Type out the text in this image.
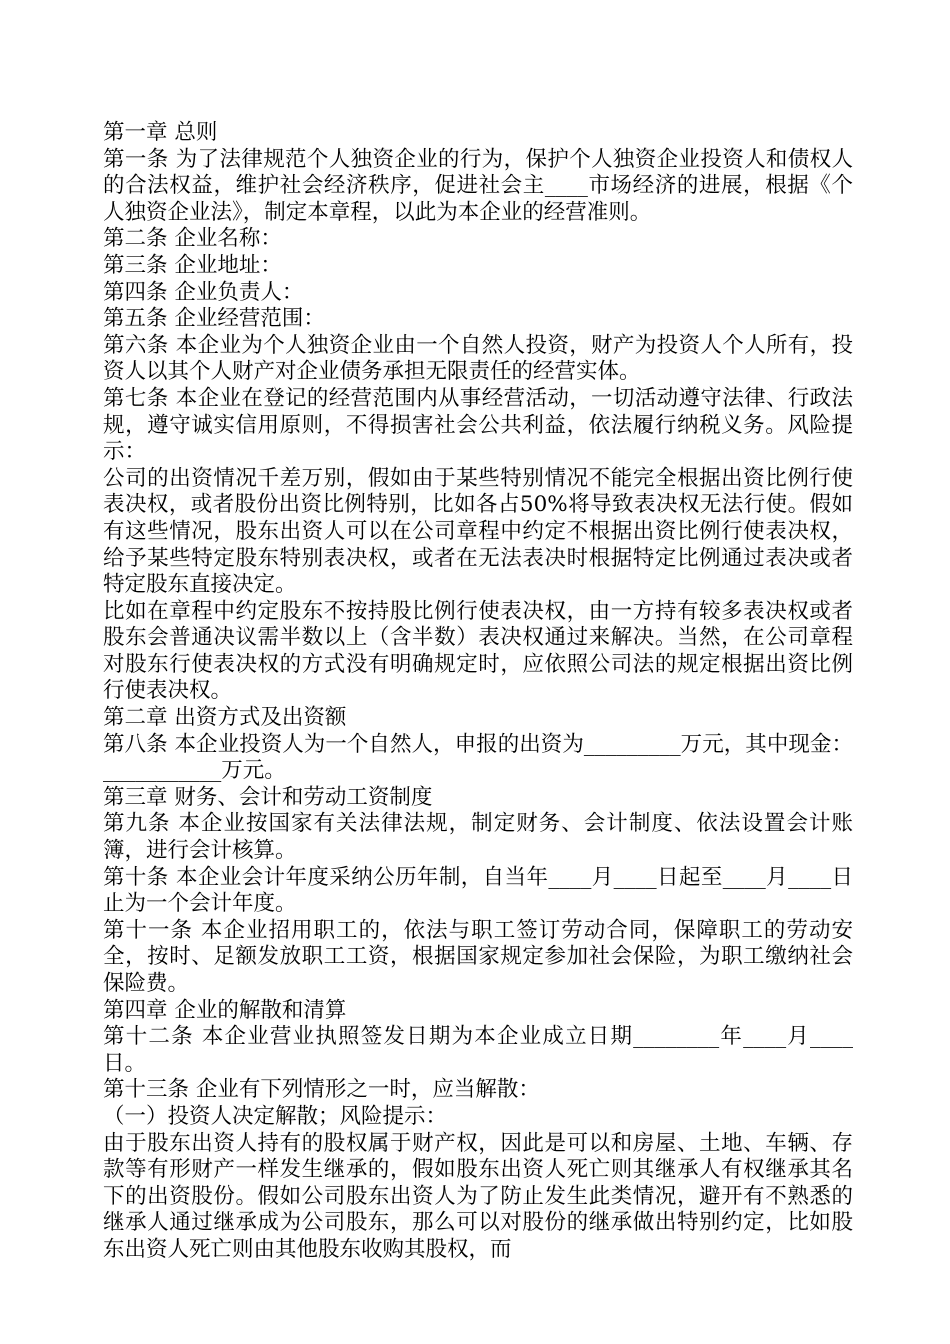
第一章 总则

第一条 为了法律规范个人独资企业的行为，保护个人独资企业投资人和债权人的合法权益，维护社会经济秩序，促进社会主____市场经济的进展，根据《个人独资企业法》，制定本章程，以此为本企业的经营准则。

第二条 企业名称：

第三条 企业地址：

第四条 企业负责人：

第五条 企业经营范围：

第六条 本企业为个人独资企业由一个自然人投资，财产为投资人个人所有，投资人以其个人财产对企业债务承担无限责任的经营实体。

第七条 本企业在登记的经营范围内从事经营活动，一切活动遵守法律、行政法规，遵守诚实信用原则，不得损害社会公共利益，依法履行纳税义务。风险提示：

公司的出资情况千差万别，假如由于某些特别情况不能完全根据出资比例行使表决权，或者股份出资比例特别，比如各占50%将导致表决权无法行使。假如有这些情况，股东出资人可以在公司章程中约定不根据出资比例行使表决权，给予某些特定股东特别表决权，或者在无法表决时根据特定比例通过表决或者特定股东直接决定。

比如在章程中约定股东不按持股比例行使表决权，由一方持有较多表决权或者股东会普通决议需半数以上（含半数）表决权通过来解决。当然，在公司章程对股东行使表决权的方式没有明确规定时，应依照公司法的规定根据出资比例行使表决权。

第二章 出资方式及出资额

第八条 本企业投资人为一个自然人，申报的出资为_________万元，其中现金：___________万元。

第三章 财务、会计和劳动工资制度

第九条 本企业按国家有关法律法规，制定财务、会计制度、依法设置会计账簿，进行会计核算。

第十条 本企业会计年度采纳公历年制，自当年____月____日起至____月____日止为一个会计年度。

第十一条 本企业招用职工的，依法与职工签订劳动合同，保障职工的劳动安全，按时、足额发放职工工资，根据国家规定参加社会保险，为职工缴纳社会保险费。

第四章 企业的解散和清算

第十二条 本企业营业执照签发日期为本企业成立日期________年____月____日。

第十三条 企业有下列情形之一时，应当解散：

（一）投资人决定解散；风险提示：

由于股东出资人持有的股权属于财产权，因此是可以和房屋、土地、车辆、存款等有形财产一样发生继承的，假如股东出资人死亡则其继承人有权继承其名下的出资股份。假如公司股东出资人为了防止发生此类情况，避开有不熟悉的继承人通过继承成为公司股东，那么可以对股份的继承做出特别约定，比如股东出资人死亡则由其他股东收购其股权，而
